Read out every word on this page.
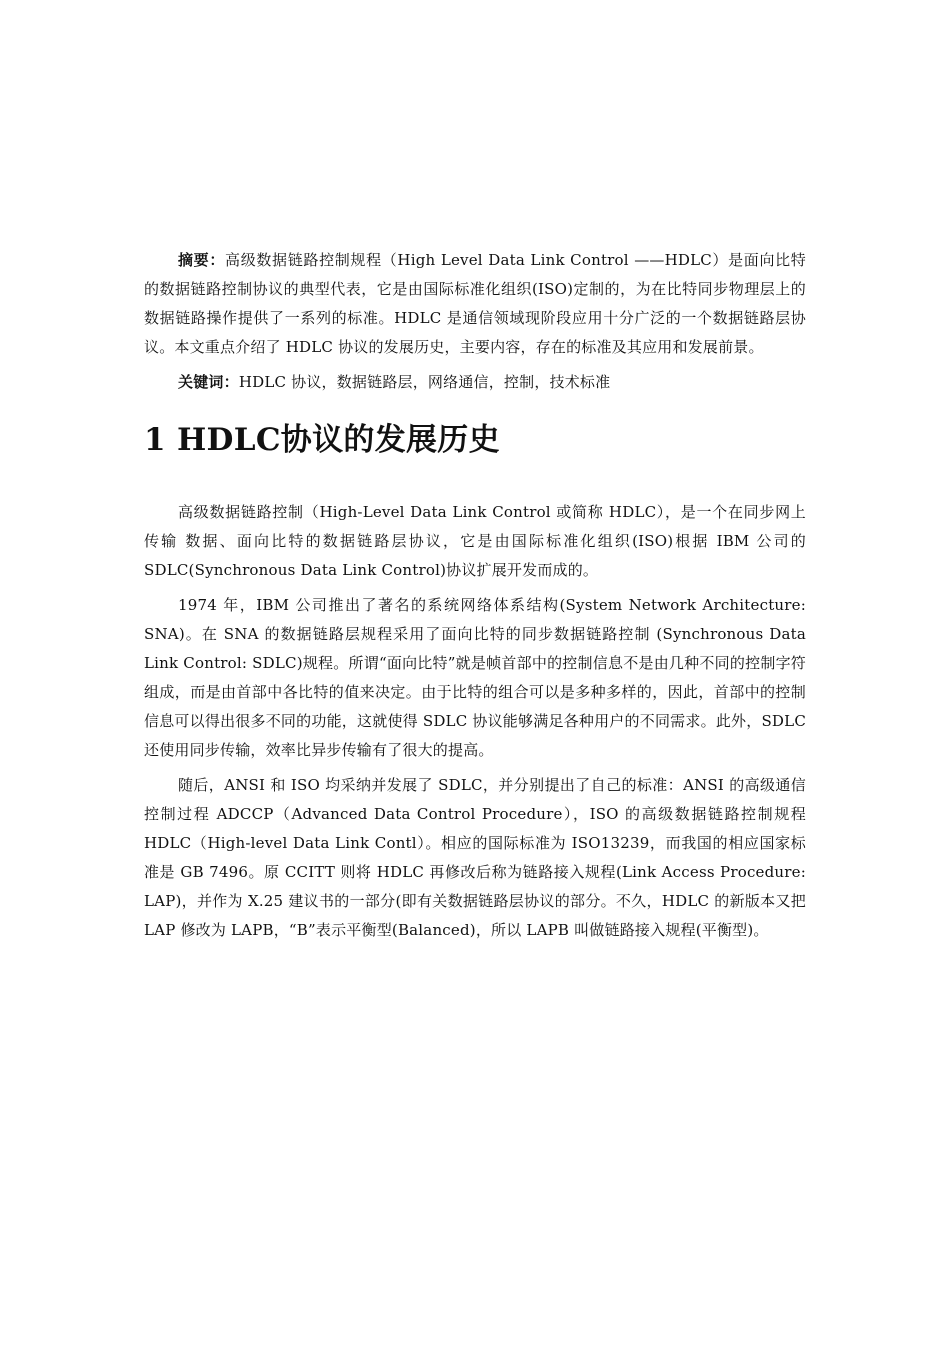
摘要：高级数据链路控制规程（High Level Data Link Control ——HDLC）是面向比特的数据链路控制协议的典型代表，它是由国际标准化组织(ISO)定制的，为在比特同步物理层上的数据链路操作提供了一系列的标准。HDLC 是通信领域现阶段应用十分广泛的一个数据链路层协议。本文重点介绍了 HDLC 协议的发展历史，主要内容，存在的标准及其应用和发展前景。

关键词：HDLC 协议，数据链路层，网络通信，控制，技术标准

1 HDLC协议的发展历史

高级数据链路控制（High-Level Data Link Control 或简称 HDLC），是一个在同步网上传输 数据、面向比特的数据链路层协议，它是由国际标准化组织(ISO)根据 IBM 公司的 SDLC(Synchronous Data Link Control)协议扩展开发而成的。

1974 年，IBM 公司推出了著名的系统网络体系结构(System Network Architecture: SNA)。在 SNA 的数据链路层规程采用了面向比特的同步数据链路控制 (Synchronous Data Link Control: SDLC)规程。所谓“面向比特”就是帧首部中的控制信息不是由几种不同的控制字符组成，而是由首部中各比特的值来决定。由于比特的组合可以是多种多样的，因此，首部中的控制信息可以得出很多不同的功能，这就使得 SDLC 协议能够满足各种用户的不同需求。此外，SDLC 还使用同步传输，效率比异步传输有了很大的提高。

随后，ANSI 和 ISO 均采纳并发展了 SDLC，并分别提出了自己的标准：ANSI 的高级通信控制过程 ADCCP（Advanced Data Control Procedure），ISO 的高级数据链路控制规程 HDLC（High-level Data Link Contl）。相应的国际标准为 ISO13239，而我国的相应国家标准是 GB 7496。原 CCITT 则将 HDLC 再修改后称为链路接入规程(Link Access Procedure: LAP)，并作为 X.25 建议书的一部分(即有关数据链路层协议的部分。不久，HDLC 的新版本又把 LAP 修改为 LAPB，“B”表示平衡型(Balanced)，所以 LAPB 叫做链路接入规程(平衡型)。
